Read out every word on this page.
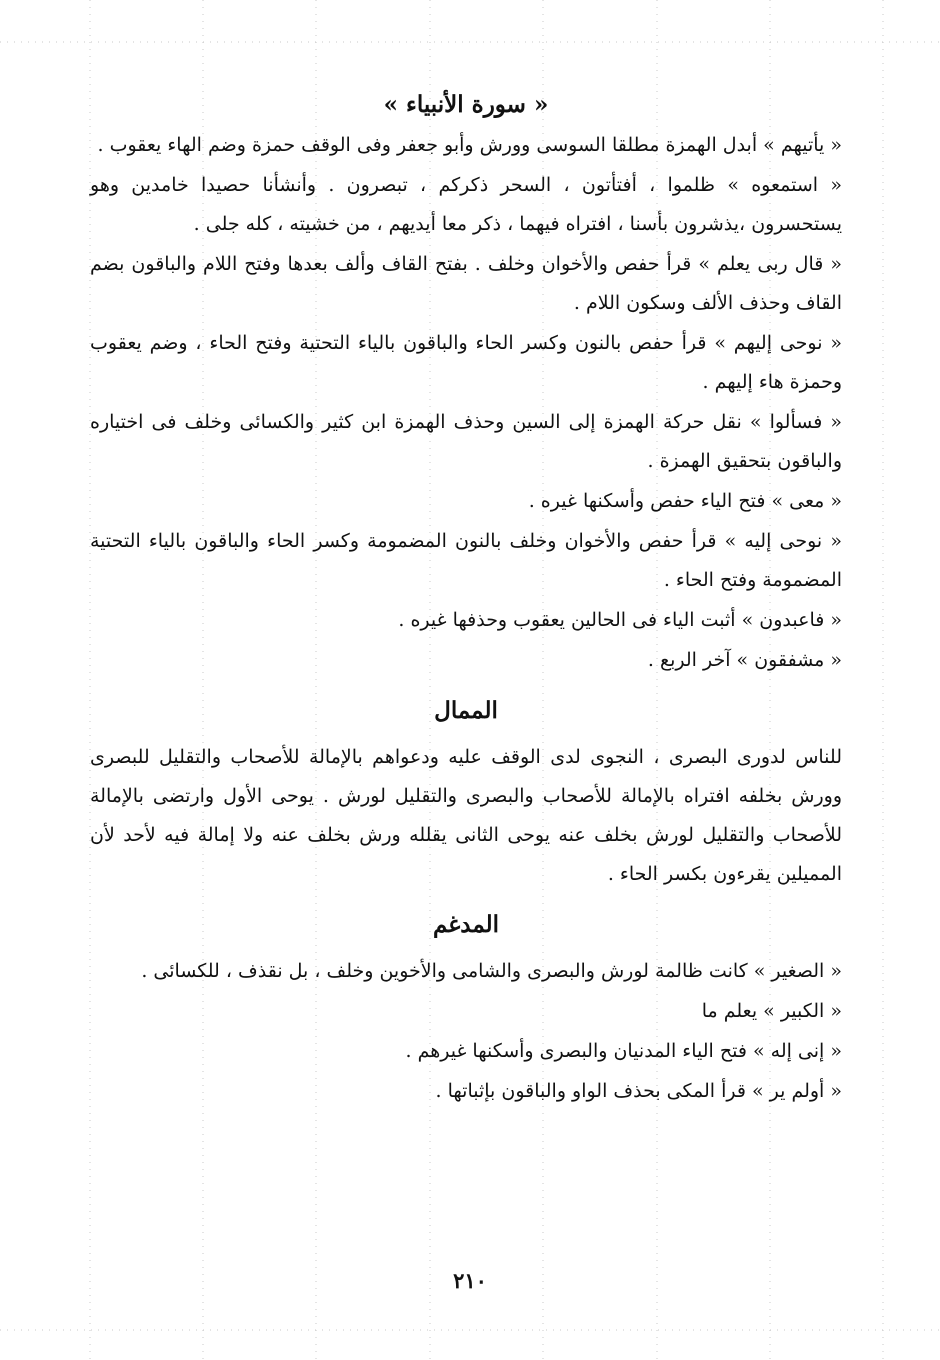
« سورة الأنبياء »

« يأتيهم » أبدل الهمزة مطلقا السوسى وورش وأبو جعفر وفى الوقف حمزة وضم الهاء يعقوب .

« استمعوه » ظلموا ، أفتأتون ، السحر ذكركم ، تبصرون . وأنشأنا حصيدا خامدين وهو يستحسرون ،يذشرون بأسنا ، افتراه فيهما ، ذكر معا أيديهم ، من خشيته ، كله جلى .

« قال ربى يعلم » قرأ حفص والأخوان وخلف . بفتح القاف وألف بعدها وفتح اللام والباقون بضم القاف وحذف الألف وسكون اللام .

« نوحى إليهم » قرأ حفص بالنون وكسر الحاء والباقون بالياء التحتية وفتح الحاء ، وضم يعقوب وحمزة هاء إليهم .

« فسألوا » نقل حركة الهمزة إلى السين وحذف الهمزة ابن كثير والكسائى وخلف فى اختياره والباقون بتحقيق الهمزة .

« معى » فتح الياء حفص وأسكنها غيره .

« نوحى إليه » قرأ حفص والأخوان وخلف بالنون المضمومة وكسر الحاء والباقون بالياء التحتية المضمومة وفتح الحاء .

« فاعبدون » أثبت الياء فى الحالين يعقوب وحذفها غيره .

« مشفقون » آخر الربع .

الممال

للناس لدورى البصرى ، النجوى لدى الوقف عليه ودعواهم بالإمالة للأصحاب والتقليل للبصرى وورش بخلفه افتراه بالإمالة للأصحاب والبصرى والتقليل لورش . يوحى الأول وارتضى بالإمالة للأصحاب والتقليل لورش بخلف عنه يوحى الثانى يقلله ورش بخلف عنه ولا إمالة فيه لأحد لأن المميلين يقرءون بكسر الحاء .

المدغم

« الصغير » كانت ظالمة لورش والبصرى والشامى والأخوين وخلف ، بل نقذف ، للكسائى .

« الكبير » يعلم ما

« إنى إله » فتح الياء المدنيان والبصرى وأسكنها غيرهم .

« أولم ير » قرأ المكى بحذف الواو والباقون بإثباتها .

٢١٠
